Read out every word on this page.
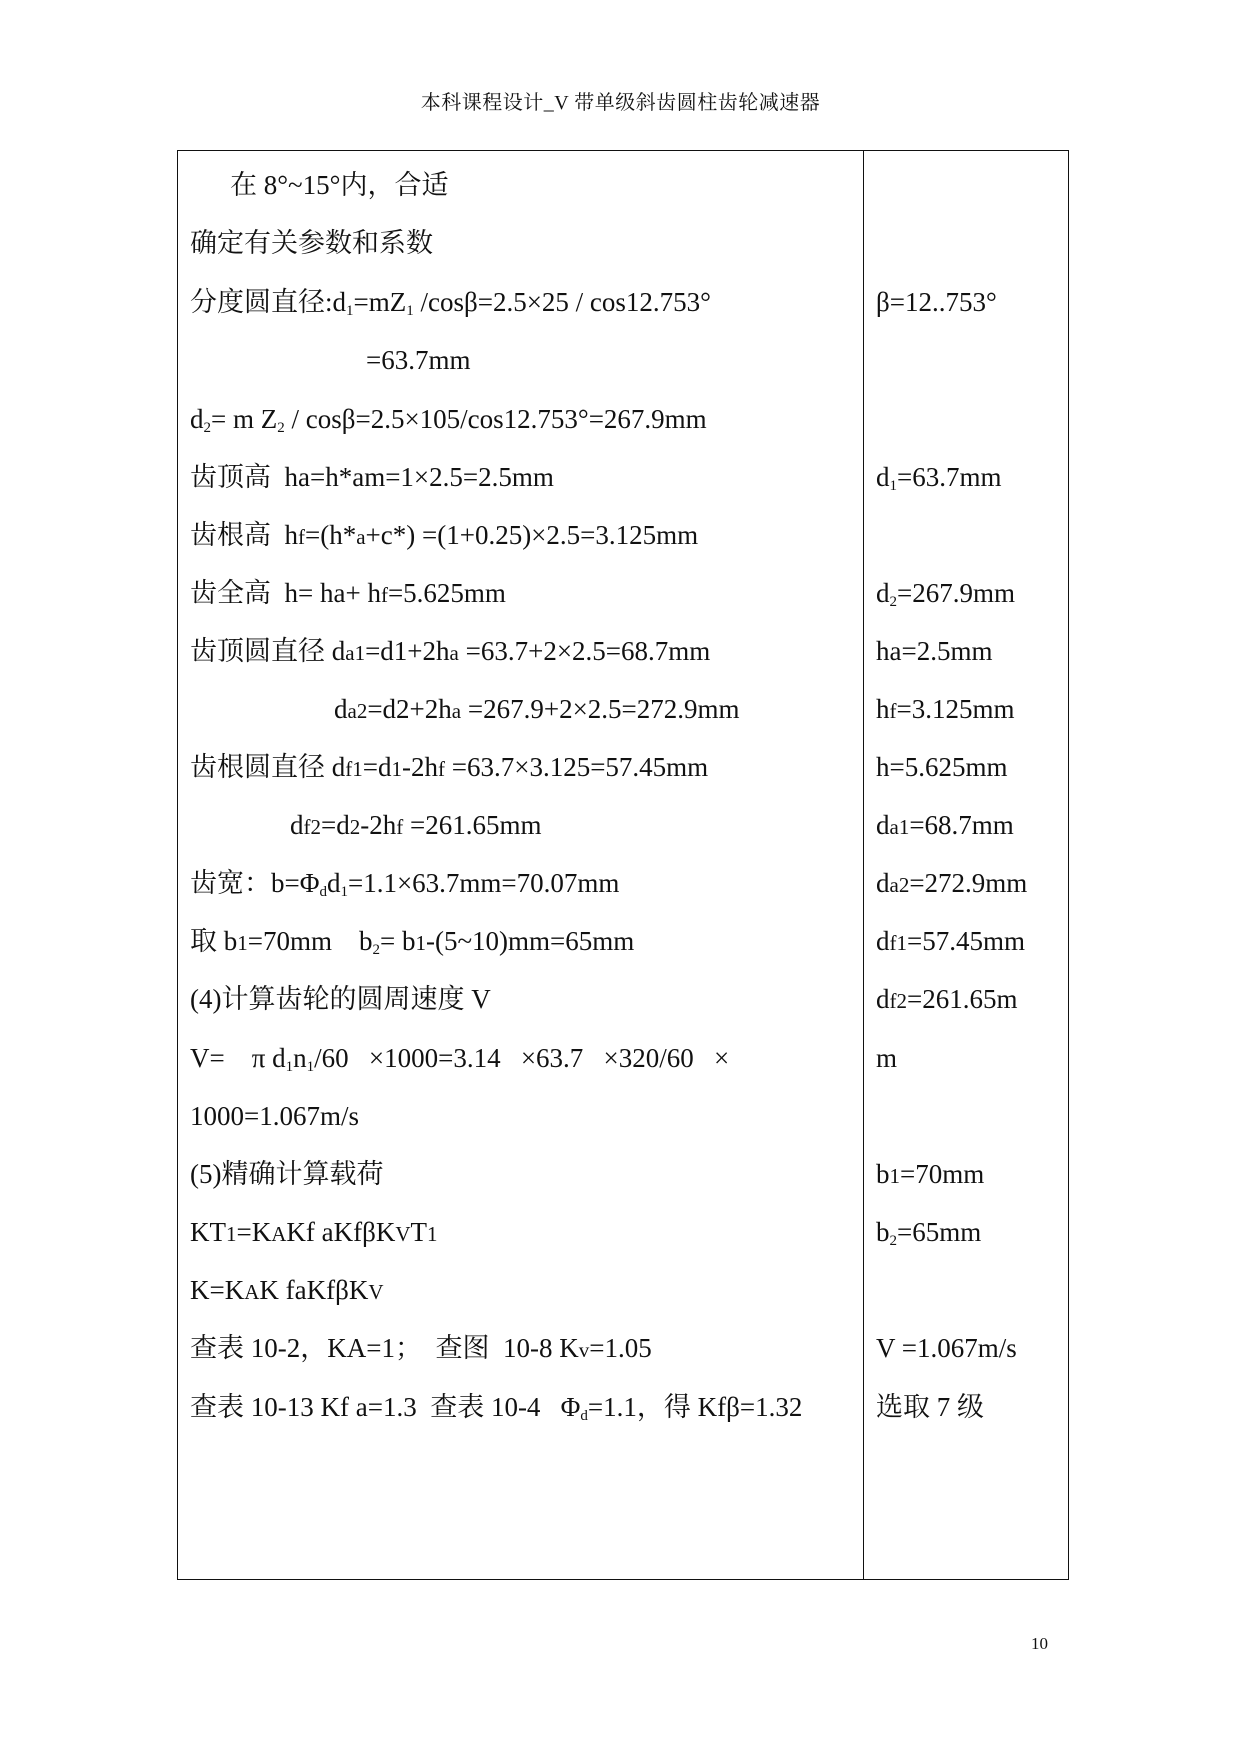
本科课程设计_V 带单级斜齿圆柱齿轮减速器
在 8°~15°内，合适
确定有关参数和系数
分度圆直径$:d_1=mZ_1$ /cosβ=2.5×25 / cos12.753°
=63.7mm
$d_2= m$ $Z_2 / \cos\beta=2.5\times 105/\cos 12.753^\circ=267.9mm$
齿顶高  ha=h*am=1×2.5=2.5mm
齿根高  hf=(h*a+c*) =(1+0.25)×2.5=3.125mm
齿全高  h= ha+ hf=5.625mm
齿顶圆直径 da1=d1+2ha =63.7+2×2.5=68.7mm
da2=d2+2ha =267.9+2×2.5=272.9mm
齿根圆直径 df1=d1-2hf =63.7×3.125=57.45mm
df2=d2-2hf =261.65mm
齿宽：$b=\Phi_dd_1=1.1\times 63.7mm=70.07mm$
取 b1=70mm    $b_2=$ b1-(5~10)mm=65mm
(4)计算齿轮的圆周速度 V
V=    π $d_1n_1/60 \times 1000=3.14 \times 63.7 \times 320/60$   ×
1000=1.067m/s
(5)精确计算载荷
KT1=KAKf aKfβKVT1
K=KAK faKfβKV
查表 10-2，KA=1；  查图  10-8 Kv=1.05
查表 10-13 Kf a=1.3  查表 10-4   $\Phi_d=1.1$，得 Kfβ=1.32
β=12..753°
$d_1=63.7mm$
$d_2=267.9mm$
ha=2.5mm
hf=3.125mm
h=5.625mm
da1=68.7mm
da2=272.9mm
df1=57.45mm
df2=261.65m
m
b1=70mm
$b_2=65mm$
V =1.067m/s
选取 7 级
10
